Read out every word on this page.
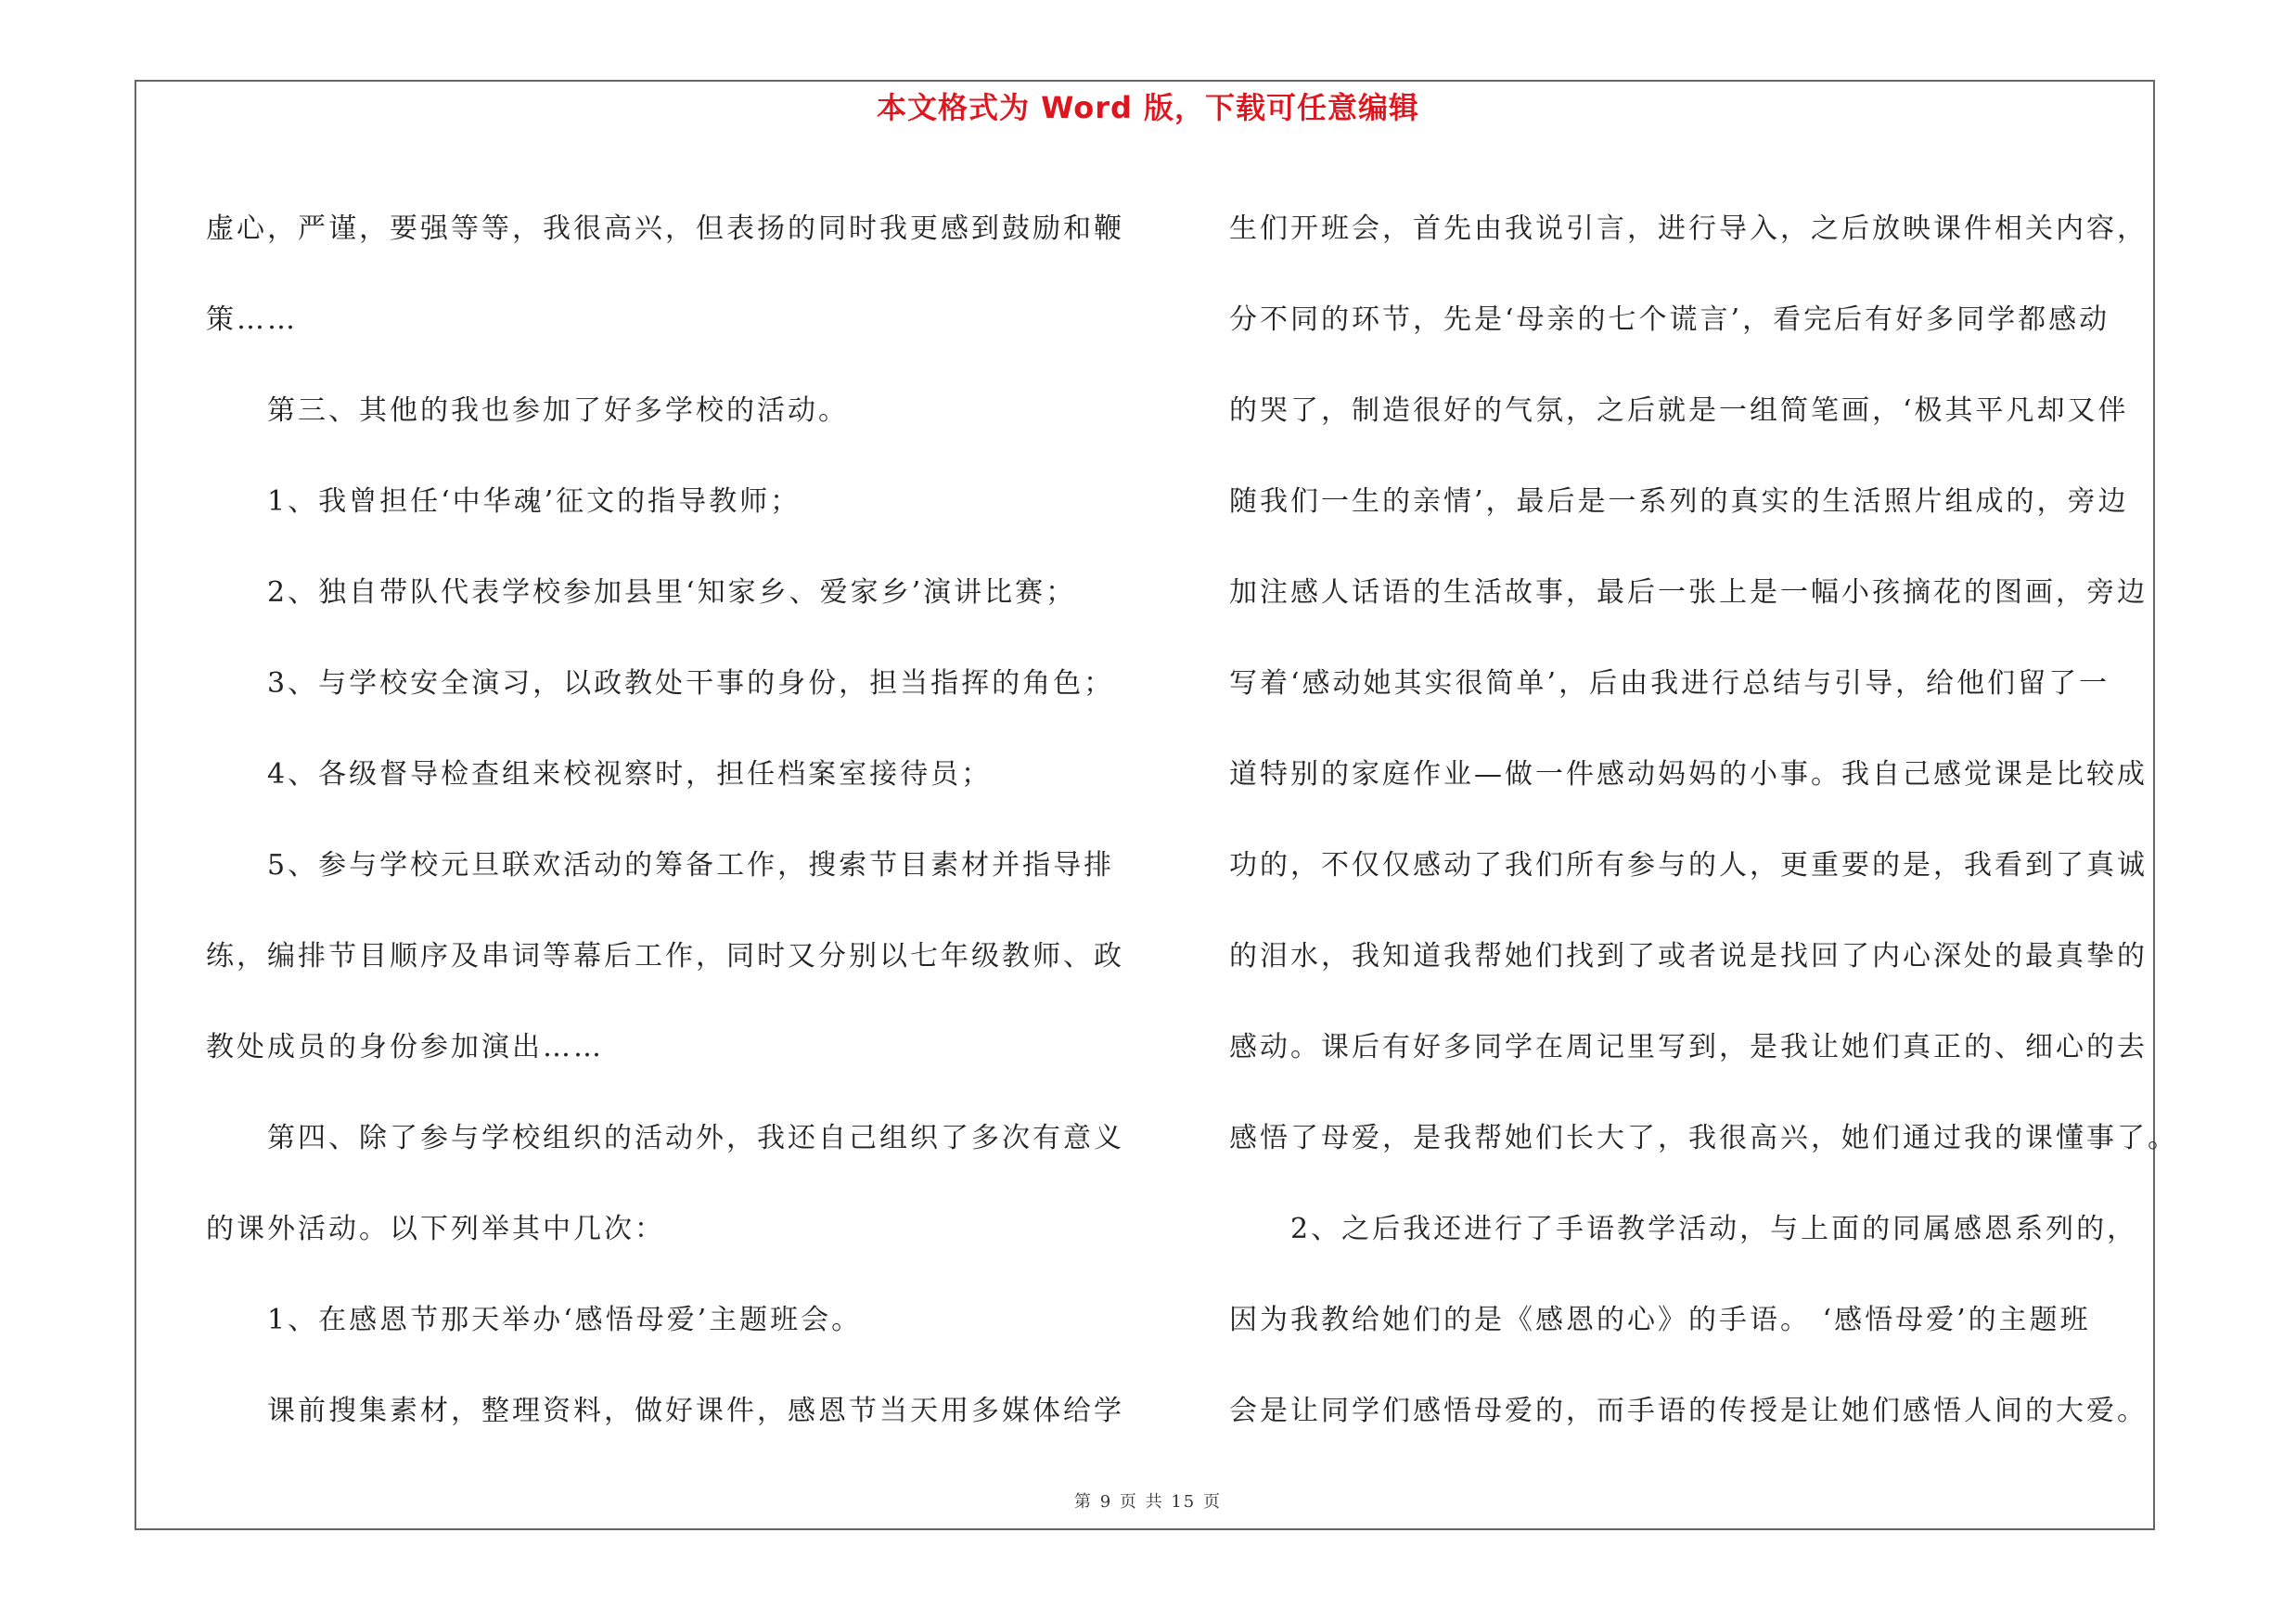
本文格式为 Word 版，下载可任意编辑
虚心，严谨，要强等等，我很高兴，但表扬的同时我更感到鼓励和鞭
策……
第三、其他的我也参加了好多学校的活动。
1、我曾担任‘中华魂’征文的指导教师；
2、独自带队代表学校参加县里‘知家乡、爱家乡’演讲比赛；
3、与学校安全演习，以政教处干事的身份，担当指挥的角色；
4、各级督导检查组来校视察时，担任档案室接待员；
5、参与学校元旦联欢活动的筹备工作，搜索节目素材并指导排
练，编排节目顺序及串词等幕后工作，同时又分别以七年级教师、政
教处成员的身份参加演出……
第四、除了参与学校组织的活动外，我还自己组织了多次有意义
的课外活动。以下列举其中几次：
1、在感恩节那天举办‘感悟母爱’主题班会。
课前搜集素材，整理资料，做好课件，感恩节当天用多媒体给学
生们开班会，首先由我说引言，进行导入，之后放映课件相关内容，
分不同的环节，先是‘母亲的七个谎言’，看完后有好多同学都感动
的哭了，制造很好的气氛，之后就是一组简笔画，‘极其平凡却又伴
随我们一生的亲情’，最后是一系列的真实的生活照片组成的，旁边
加注感人话语的生活故事，最后一张上是一幅小孩摘花的图画，旁边
写着‘感动她其实很简单’，后由我进行总结与引导，给他们留了一
道特别的家庭作业—做一件感动妈妈的小事。我自己感觉课是比较成
功的，不仅仅感动了我们所有参与的人，更重要的是，我看到了真诚
的泪水，我知道我帮她们找到了或者说是找回了内心深处的最真挚的
感动。课后有好多同学在周记里写到，是我让她们真正的、细心的去
感悟了母爱，是我帮她们长大了，我很高兴，她们通过我的课懂事了。
2、之后我还进行了手语教学活动，与上面的同属感恩系列的，
因为我教给她们的是《感恩的心》的手语。 ‘感悟母爱’的主题班
会是让同学们感悟母爱的，而手语的传授是让她们感悟人间的大爱。
第 9 页 共 15 页
